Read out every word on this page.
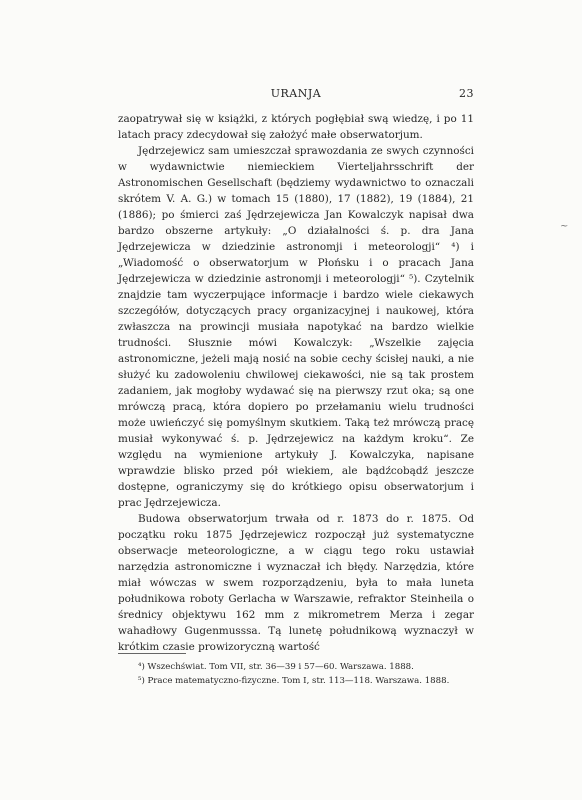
URANJA	23

zaopatrywał się w książki, z których pogłębiał swą wiedzę, i po 11 latach pracy zdecydował się założyć małe obserwatorjum.

Jędrzejewicz sam umieszczał sprawozdania ze swych czynności w wydawnictwie niemieckiem Vierteljahrsschrift der Astronomischen Gesellschaft (będziemy wydawnictwo to oznaczali skrótem V. A. G.) w tomach 15 (1880), 17 (1882), 19 (1884), 21 (1886); po śmierci zaś Jędrzejewicza Jan Kowalczyk napisał dwa bardzo obszerne artykuły: „O działalności ś. p. dra Jana Jędrzejewicza w dziedzinie astronomji i meteorologji“ ⁴) i „Wiadomość o obserwatorjum w Płońsku i o pracach Jana Jędrzejewicza w dziedzinie astronomji i meteorologji“ ⁵). Czytelnik znajdzie tam wyczerpujące informacje i bardzo wiele ciekawych szczegółów, dotyczących pracy organizacyjnej i naukowej, która zwłaszcza na prowincji musiała napotykać na bardzo wielkie trudności. Słusznie mówi Kowalczyk: „Wszelkie zajęcia astronomiczne, jeżeli mają nosić na sobie cechy ścisłej nauki, a nie służyć ku zadowoleniu chwilowej ciekawości, nie są tak prostem zadaniem, jak mogłoby wydawać się na pierwszy rzut oka; są one mrówczą pracą, która dopiero po przełamaniu wielu trudności może uwieńczyć się pomyślnym skutkiem. Taką też mrówczą pracę musiał wykonywać ś. p. Jędrzejewicz na każdym kroku“. Ze względu na wymienione artykuły J. Kowalczyka, napisane wprawdzie blisko przed pół wiekiem, ale bądźcobądź jeszcze dostępne, ograniczymy się do krótkiego opisu obserwatorjum i prac Jędrzejewicza.

Budowa obserwatorjum trwała od r. 1873 do r. 1875. Od początku roku 1875 Jędrzejewicz rozpoczął już systematyczne obserwacje meteorologiczne, a w ciągu tego roku ustawiał narzędzia astronomiczne i wyznaczał ich błędy. Narzędzia, które miał wówczas w swem rozporządzeniu, była to mała luneta południkowa roboty Gerlacha w Warszawie, refraktor Steinheila o średnicy objektywu 162 mm z mikrometrem Merza i zegar wahadłowy Gugenmusssa. Tą lunetę południkową wyznaczył w krótkim czasie prowizoryczną wartość

⁴) Wszechświat. Tom VII, str. 36—39 i 57—60. Warszawa. 1888.

⁵) Prace matematyczno-fizyczne. Tom I, str. 113—118. Warszawa. 1888.

~
